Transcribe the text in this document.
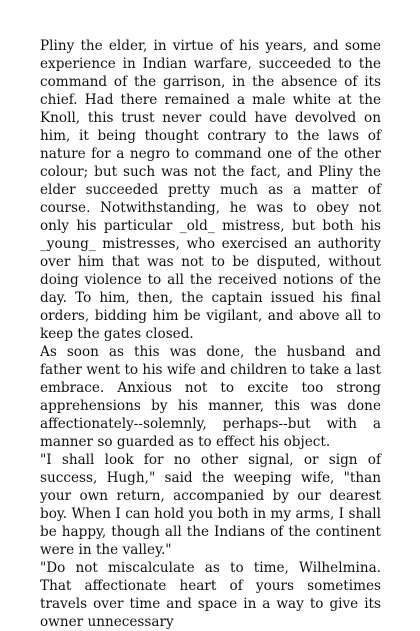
Pliny the elder, in virtue of his years, and some experience in Indian warfare, succeeded to the command of the garrison, in the absence of its chief. Had there remained a male white at the Knoll, this trust never could have devolved on him, it being thought contrary to the laws of nature for a negro to command one of the other colour; but such was not the fact, and Pliny the elder succeeded pretty much as a matter of course. Notwithstanding, he was to obey not only his particular _old_ mistress, but both his _young_ mistresses, who exercised an authority over him that was not to be disputed, without doing violence to all the received notions of the day. To him, then, the captain issued his final orders, bidding him be vigilant, and above all to keep the gates closed.

As soon as this was done, the husband and father went to his wife and children to take a last embrace. Anxious not to excite too strong apprehensions by his manner, this was done affectionately--solemnly, perhaps--but with a manner so guarded as to effect his object.

"I shall look for no other signal, or sign of success, Hugh," said the weeping wife, "than your own return, accompanied by our dearest boy. When I can hold you both in my arms, I shall be happy, though all the Indians of the continent were in the valley."

"Do not miscalculate as to time, Wilhelmina. That affectionate heart of yours sometimes travels over time and space in a way to give its owner unnecessary
